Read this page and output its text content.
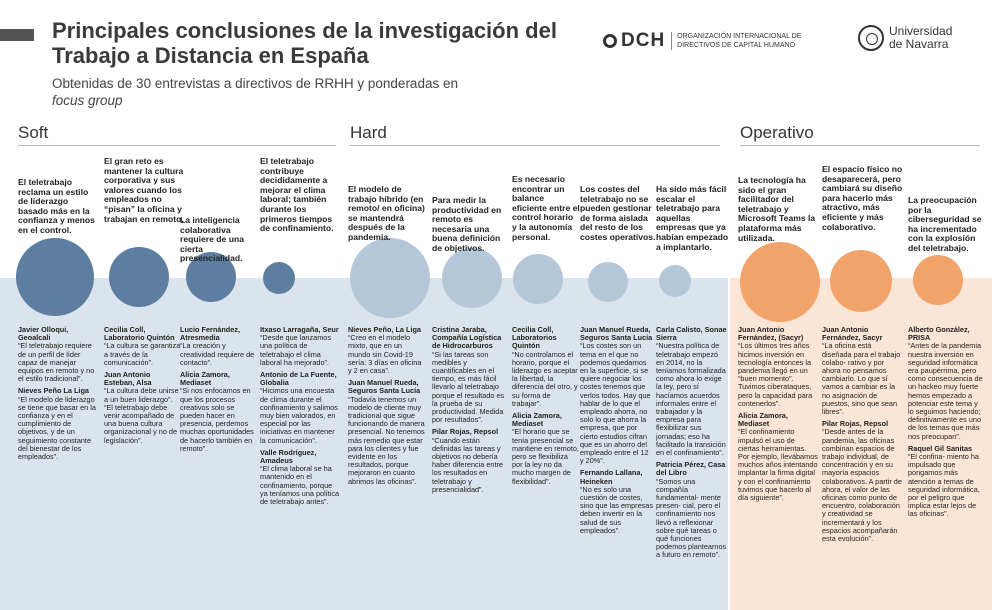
Principales conclusiones de la investigación del Trabajo a Distancia en España
Obtenidas de 30 entrevistas a directivos de RRHH y ponderadas en
focus group
DCH	ORGANIZACIÓN INTERNACIONAL DE
DIRECTIVOS DE CAPITAL HUMANO
Universidad
de Navarra
Soft	Hard	Operativo
El teletrabajo reclama un estilo de liderazgo basado más en la confianza y menos en el control.
El gran reto es mantener la cultura corporativa y sus valores cuando los empleados no “pisan” la oficina y trabajan en remoto.
La inteligencia colaborativa requiere de una cierta presencialidad.
El teletrabajo contribuye decididamente a mejorar el clima laboral; también durante los primeros tiempos de confinamiento.
El modelo de trabajo híbrido (en remoto/ en oficina) se mantendrá después de la pandemia.
Para medir la productividad en remoto es necesaria una buena definición de objetivos.
Es necesario encontrar un balance eficiente entre el control horario y la autonomía personal.
Los costes del teletrabajo no se pueden gestionar de forma aislada del resto de los costes operativos.
Ha sido más fácil escalar el teletrabajo para aquellas empresas que ya habían empezado a implantarlo.
La tecnología ha sido el gran facilitador del teletrabajo y Microsoft Teams la plataforma más utilizada.
El espacio físico no desaparecerá, pero cambiará su diseño para hacerlo más atractivo, más eficiente y más colaborativo.
La preocupación por la ciberseguridad se ha incrementado con la explosión del teletrabajo.
Javier Olloqui, Geoalcali
“El teletrabajo requiere de un perfil de líder capaz de manejar equipos en remoto y no el estilo tradicional”.
Nieves Peño La Liga
“El modelo de liderazgo se tiene que basar en la confianza y en el cumplimiento de objetivos, y de un seguimiento constante del bienestar de los empleados”.
Cecilia Coll, Laboratorio Quintón
“La cultura se garantiza a través de la comunicación”.
Juan Antonio Esteban, Alsa
“La cultura debe unirse a un buen liderazgo”. “El teletrabajo debe venir acompañado de una buena cultura organizacional y no de legislación”.
Lucio Fernández, Atresmedia
“La creación y creatividad requiere de contacto”.
Alicia Zamora, Mediaset
“Si nos enfocamos en que los procesos creativos solo se pueden hacer en presencia, perdemos muchas oportunidades de hacerlo también en remoto”.
Itxaso Larragaña, Seur
“Desde que lanzamos una política de teletrabajo el clima laboral ha mejorado”.
Antonio de La Fuente, Globalia
“Hicimos una encuesta de clima durante el confinamiento y salimos muy bien valorados, en especial por las iniciativas en mantener la comunicación”.
Valle Rodríguez, Amadeus
“El clima laboral se ha mantenido en el confinamiento, porque ya teníamos una política de teletrabajo antes”.
Nieves Peño, La Liga
“Creo en el modelo mixto, que en un mundo sin Covid-19 sería: 3 días en oficina y 2 en casa”.
Juan Manuel Rueda, Seguros Santa Lucía
“Todavía tenemos un modelo de cliente muy tradicional que sigue funcionando de manera presencial. No tenemos más remedio que estar para los clientes y fue evidente en los resultados, porque mejoraron en cuanto abrimos las oficinas”.
Cristina Jaraba, Compañía Logística de Hidrocarburos
“Si las tareas son medibles y cuantificables en el tiempo, es más fácil llevarlo al teletrabajo porque el resultado es la prueba de su productividad. Medida por resultados”.
Pilar Rojas, Repsol
“Cuando están definidas las tareas y objetivos no debería haber diferencia entre los resultados en teletrabajo y presencialidad”.
Cecilia Coll, Laboratorios Quintón
“No controlamos el horario, porque el liderazgo es aceptar la libertad, la diferencia del otro, y su forma de trabajar”.
Alicia Zamora, Mediaset
“El horario que se tenía presencial se mantiene en remoto, pero se flexibiliza por la ley no da mucho margen de flexibilidad”.
Juan Manuel Rueda, Seguros Santa Lucía
“Los costes son un tema en el que no podemos quedarnos en la superficie, si se quiere negociar los costes tenemos que verlos todos. Hay que hablar de lo que el empleado ahorra, no solo lo que ahorra la empresa, que por cierto estudios cifran que es un ahorro del empleado entre el 12 y 20%”.
Fernando Lallana, Heineken
“No es solo una cuestión de costes, sino que las empresas deben invertir en la salud de sus empleados”.
Carla Calisto, Sonae Sierra
“Nuestra política de teletrabajo empezó en 2014, no la teníamos formalizada como ahora lo exige la ley, pero sí hacíamos acuerdos informales entre el trabajador y la empresa para flexibilizar sus jornadas; eso ha facilitado la transición en el confinamiento”.
Patricia Pérez, Casa del Libro
“Somos una compañía fundamental- mente presen- cial, pero el confinamiento nos llevó a reflexionar sobre qué tareas o qué funciones podemos plantearnos a futuro en remoto”.
Juan Antonio Fernández, (Sacyr)
“Los últimos tres años hicimos inversión en tecnología entonces la pandemia llegó en un “buen momento”. Tuvimos ciberataques, pero la capacidad para contenerlos”.
Alicia Zamora, Mediaset
“El confinamiento impulsó el uso de ciertas herramientas. Por ejemplo, llevábamos muchos años intentando implantar la firma digital y con el confinamiento tuvimos que hacerlo al día siguiente”.
Juan Antonio Fernández, Sacyr
“La oficina está diseñada para el trabajo colabo- rativo y por ahora no pensamos cambiarlo. Lo que sí vamos a cambiar es la no asignación de puestos, sino que sean libres”.
Pilar Rojas, Repsol
“Desde antes de la pandemia, las oficinas combinan espacios de trabajo individual, de concentración y en su mayoría espacios colaborativos. A partir de ahora, el valor de las oficinas como punto de encuentro, colaboración y creatividad se incrementará y los espacios acompañarán esta evolución”.
Alberto González, PRISA
“Antes de la pandemia nuestra inversión en seguridad informática era paupérrima, pero como consecuencia de un hackeo muy fuerte hemos empezado a potenciar este tema y lo seguimos haciendo; definitivamente es uno de los temas que más nos preocupan”.
Raquel Gil Sanitas
“El confina- miento ha impulsado que pongamos más atención a temas de seguridad informática, por el peligro que implica estar lejos de las oficinas”.
